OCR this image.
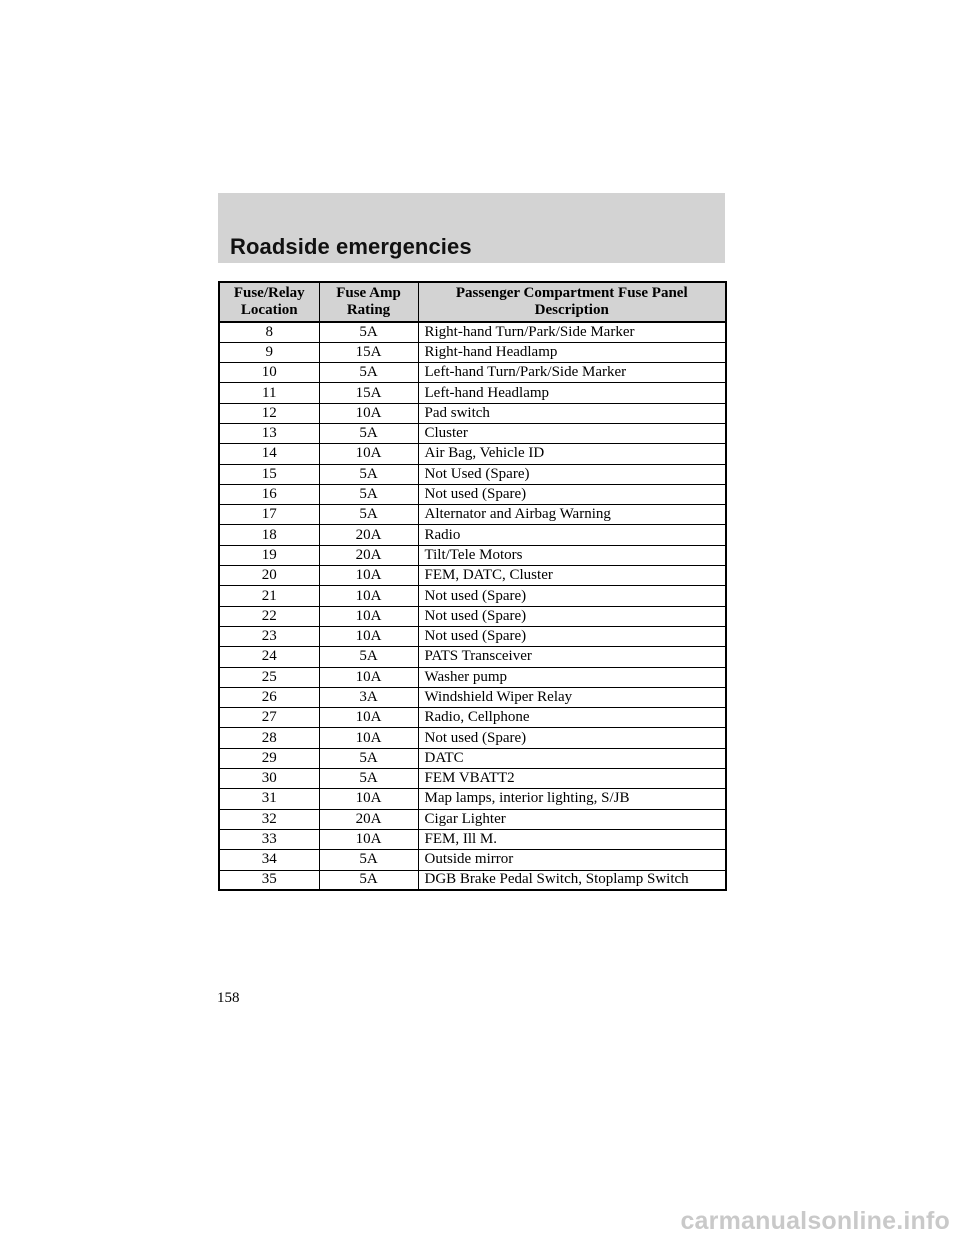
Roadside emergencies
Fuse/Relay Location	Fuse Amp Rating	Passenger Compartment Fuse Panel Description
8	5A	Right-hand Turn/Park/Side Marker
9	15A	Right-hand Headlamp
10	5A	Left-hand Turn/Park/Side Marker
11	15A	Left-hand Headlamp
12	10A	Pad switch
13	5A	Cluster
14	10A	Air Bag, Vehicle ID
15	5A	Not Used (Spare)
16	5A	Not used (Spare)
17	5A	Alternator and Airbag Warning
18	20A	Radio
19	20A	Tilt/Tele Motors
20	10A	FEM, DATC, Cluster
21	10A	Not used (Spare)
22	10A	Not used (Spare)
23	10A	Not used (Spare)
24	5A	PATS Transceiver
25	10A	Washer pump
26	3A	Windshield Wiper Relay
27	10A	Radio, Cellphone
28	10A	Not used (Spare)
29	5A	DATC
30	5A	FEM VBATT2
31	10A	Map lamps, interior lighting, S/JB
32	20A	Cigar Lighter
33	10A	FEM, Ill M.
34	5A	Outside mirror
35	5A	DGB Brake Pedal Switch, Stoplamp Switch
158
carmanualsonline.info
